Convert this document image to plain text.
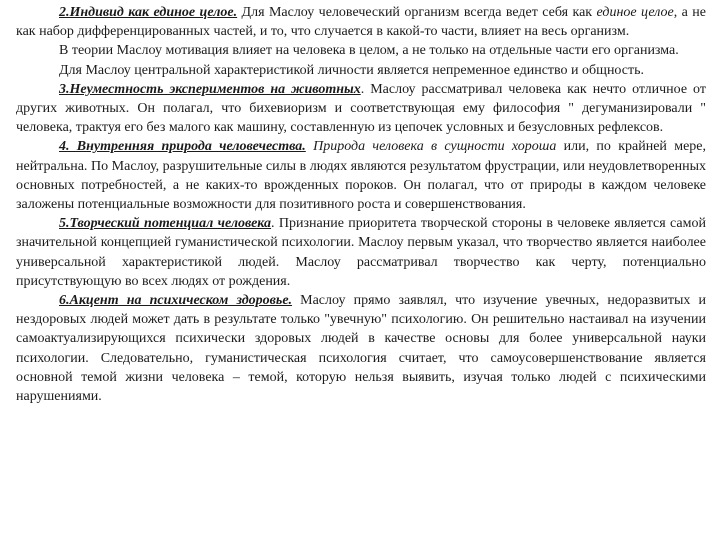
2.Индивид как единое целое. Для Маслоу человеческий организм всегда ведет себя как единое целое, а не как набор дифференцированных частей, и то, что случается в какой-то части, влияет на весь организм.

В теории Маслоу мотивация влияет на человека в целом, а не только на отдельные части его организма.

Для Маслоу центральной характеристикой личности является непременное единство и общность.

3.Неуместность экспериментов на животных. Маслоу рассматривал человека как нечто отличное от других животных. Он полагал, что бихевиоризм и соответствующая ему философия " дегуманизировали " человека, трактуя его без малого как машину, составленную из цепочек условных и безусловных рефлексов.

4. Внутренняя природа человечества. Природа человека в сущности хороша или, по крайней мере, нейтральна. По Маслоу, разрушительные силы в людях являются результатом фрустрации, или неудовлетворенных основных потребностей, а не каких-то врожденных пороков. Он полагал, что от природы в каждом человеке заложены потенциальные возможности для позитивного роста и совершенствования.

5.Творческий потенциал человека. Признание приоритета творческой стороны в человеке является самой значительной концепцией гуманистической психологии. Маслоу первым указал, что творчество является наиболее универсальной характеристикой людей. Маслоу рассматривал творчество как черту, потенциально присутствующую во всех людях от рождения.

6.Акцент на психическом здоровье. Маслоу прямо заявлял, что изучение увечных, недоразвитых и нездоровых людей может дать в результате только "увечную" психологию. Он решительно настаивал на изучении самоактуализирующихся психически здоровых людей в качестве основы для более универсальной науки психологии. Следовательно, гуманистическая психология считает, что самоусовершенствование является основной темой жизни человека – темой, которую нельзя выявить, изучая только людей с психическими нарушениями.
